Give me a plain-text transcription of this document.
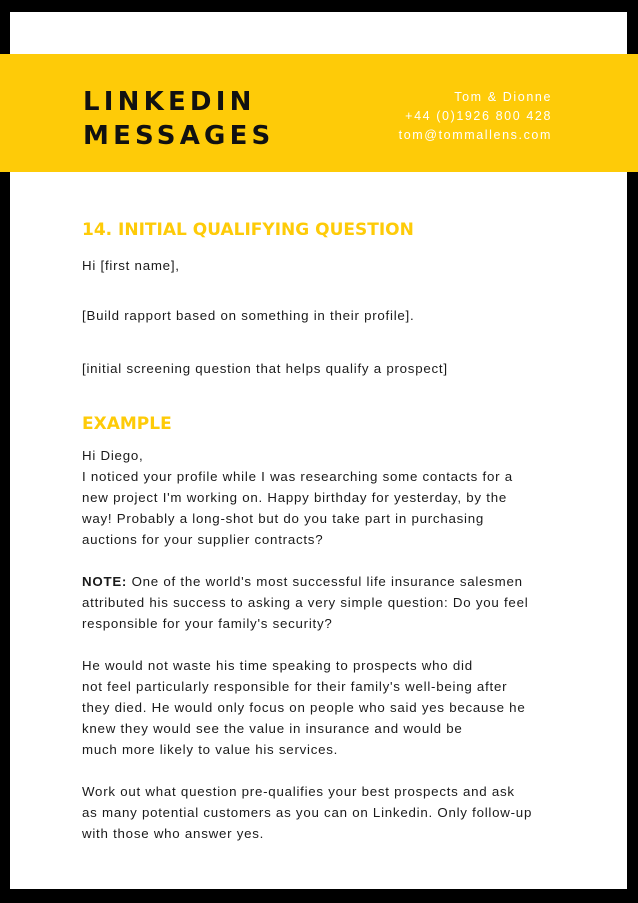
LINKEDIN
MESSAGES
Tom & Dionne
+44 (0)1926 800 428
tom@tommallens.com
14. INITIAL QUALIFYING QUESTION

Hi [first name],

[Build rapport based on something in their profile].

[initial screening question that helps qualify a prospect]

EXAMPLE
Hi Diego,
I noticed your profile while I was researching some contacts for a
new project I'm working on. Happy birthday for yesterday, by the
way! Probably a long-shot but do you take part in purchasing
auctions for your supplier contracts?
NOTE: One of the world's most successful life insurance salesmen
attributed his success to asking a very simple question: Do you feel
responsible for your family's security?
He would not waste his time speaking to prospects who did
not feel particularly responsible for their family's well-being after
they died. He would only focus on people who said yes because he
knew they would see the value in insurance and would be
much more likely to value his services.
Work out what question pre-qualifies your best prospects and ask
as many potential customers as you can on Linkedin. Only follow-up
with those who answer yes.
